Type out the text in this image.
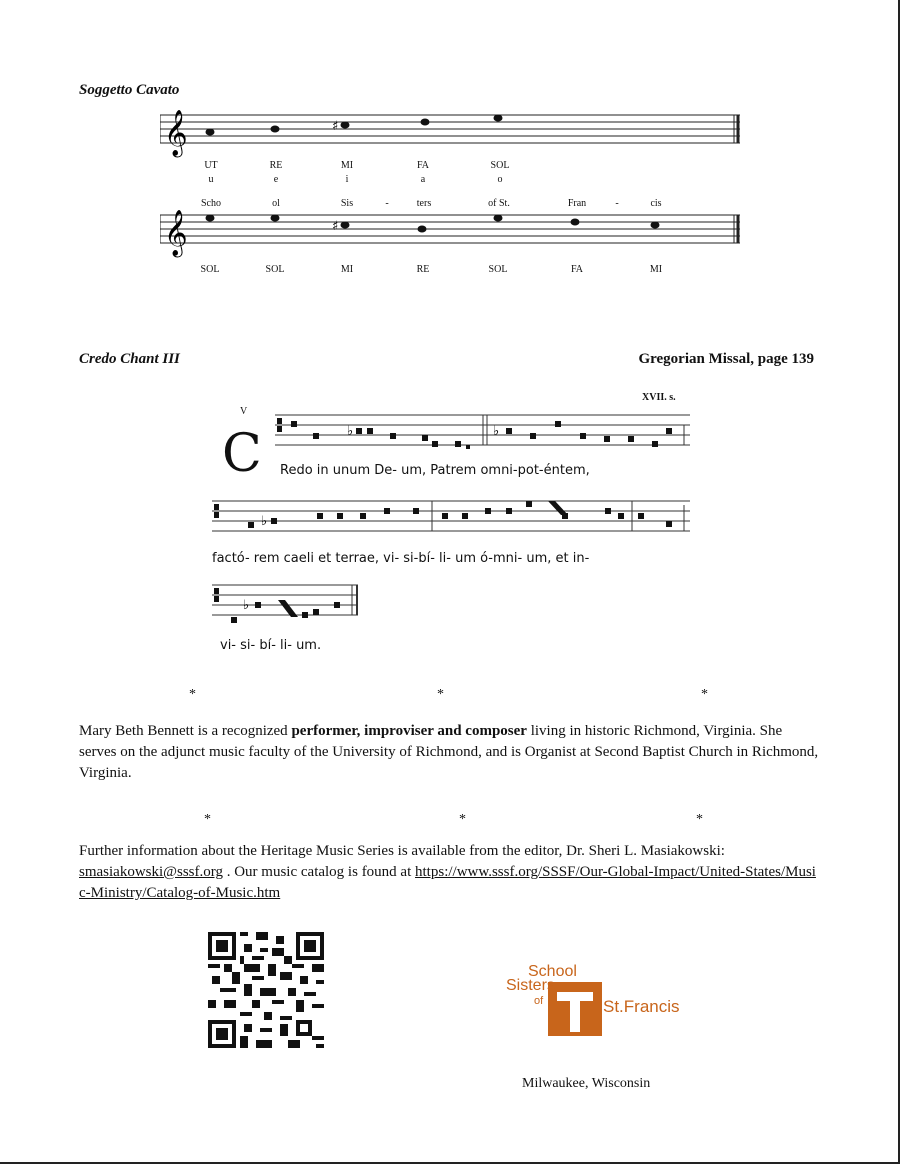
Soggetto Cavato
𝄞	♯
𝄞	♯
UT	RE	MI	FA	SOL
u	e	i	a	o
Scho	ol	Sis	-	ters	of St.	Fran	-	cis
SOL	SOL	MI	RE	SOL	FA	MI
Credo Chant III	Gregorian Missal, page 139
XVII. s.
V
C	♭	♭
♭
♭
Redo in unum De- um, Patrem omni-pot-éntem,
factó- rem caeli et terrae, vi- si-bí- li- um ó-mni- um, et in-
vi- si- bí- li- um.
*	*	*
Mary Beth Bennett is a recognized performer, improviser and composer living in historic Richmond, Virginia. She serves on the adjunct music faculty of the University of Richmond, and is Organist at Second Baptist Church in Richmond, Virginia.
*	*	*
Further information about the Heritage Music Series is available from the editor, Dr. Sheri L. Masiakowski: smasiakowski@sssf.org . Our music catalog is found at https://www.sssf.org/SSSF/Our-Global-Impact/United-States/Music-Ministry/Catalog-of-Music.htm
School
Sisters
of	St.Francis
Milwaukee, Wisconsin
